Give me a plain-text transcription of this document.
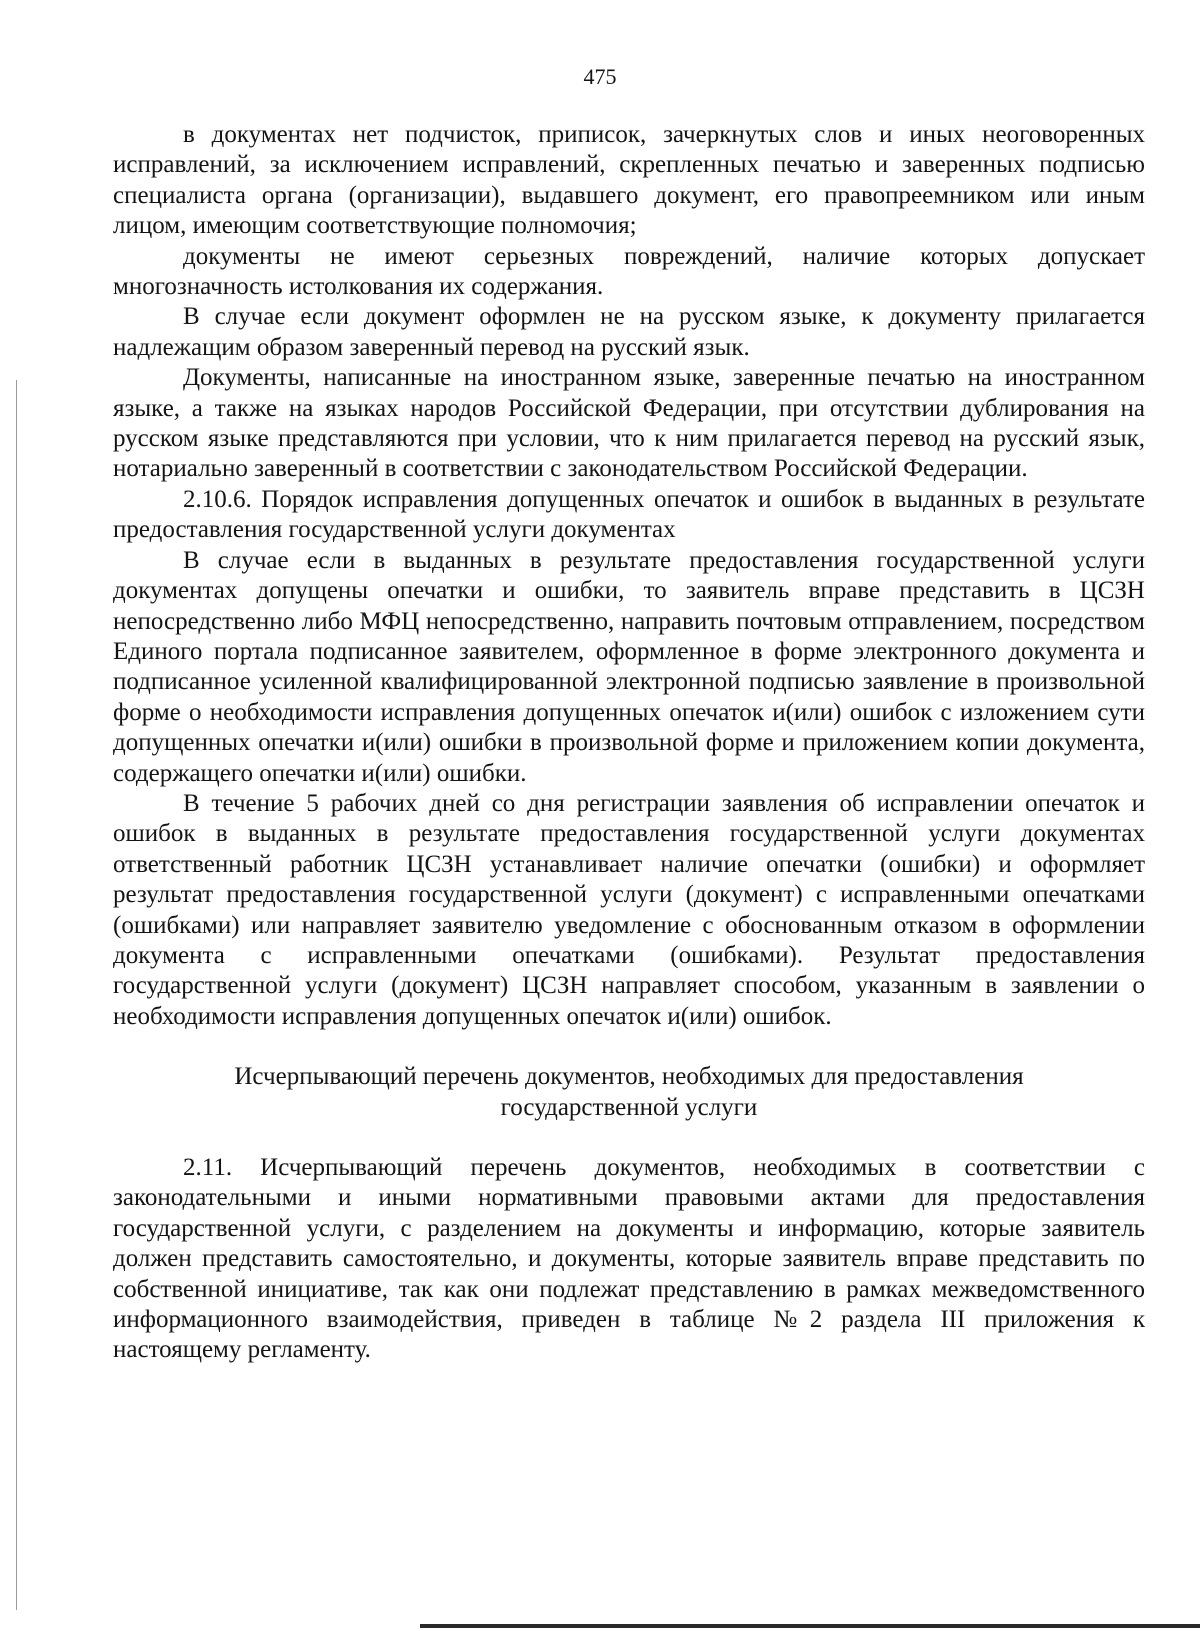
475

в документах нет подчисток, приписок, зачеркнутых слов и иных неоговоренных исправлений, за исключением исправлений, скрепленных печатью и заверенных подписью специалиста органа (организации), выдавшего документ, его правопреемником или иным лицом, имеющим соответствующие полномочия;

документы не имеют серьезных повреждений, наличие которых допускает многозначность истолкования их содержания.

В случае если документ оформлен не на русском языке, к документу прилагается надлежащим образом заверенный перевод на русский язык.

Документы, написанные на иностранном языке, заверенные печатью на иностранном языке, а также на языках народов Российской Федерации, при отсутствии дублирования на русском языке представляются при условии, что к ним прилагается перевод на русский язык, нотариально заверенный в соответствии с законодательством Российской Федерации.

2.10.6. Порядок исправления допущенных опечаток и ошибок в выданных в результате предоставления государственной услуги документах

В случае если в выданных в результате предоставления государственной услуги документах допущены опечатки и ошибки, то заявитель вправе представить в ЦСЗН непосредственно либо МФЦ непосредственно, направить почтовым отправлением, посредством Единого портала подписанное заявителем, оформленное в форме электронного документа и подписанное усиленной квалифицированной электронной подписью заявление в произвольной форме о необходимости исправления допущенных опечаток и(или) ошибок с изложением сути допущенных опечатки и(или) ошибки в произвольной форме и приложением копии документа, содержащего опечатки и(или) ошибки.

В течение 5 рабочих дней со дня регистрации заявления об исправлении опечаток и ошибок в выданных в результате предоставления государственной услуги документах ответственный работник ЦСЗН устанавливает наличие опечатки (ошибки) и оформляет результат предоставления государственной услуги (документ) с исправленными опечатками (ошибками) или направляет заявителю уведомление с обоснованным отказом в оформлении документа с исправленными опечатками (ошибками). Результат предоставления государственной услуги (документ) ЦСЗН направляет способом, указанным в заявлении о необходимости исправления допущенных опечаток и(или) ошибок.

Исчерпывающий перечень документов, необходимых для предоставления
государственной услуги

2.11. Исчерпывающий перечень документов, необходимых в соответствии с законодательными и иными нормативными правовыми актами для предоставления государственной услуги, с разделением на документы и информацию, которые заявитель должен представить самостоятельно, и документы, которые заявитель вправе представить по собственной инициативе, так как они подлежат представлению в рамках межведомственного информационного взаимодействия, приведен в таблице №2 раздела III приложения к настоящему регламенту.
